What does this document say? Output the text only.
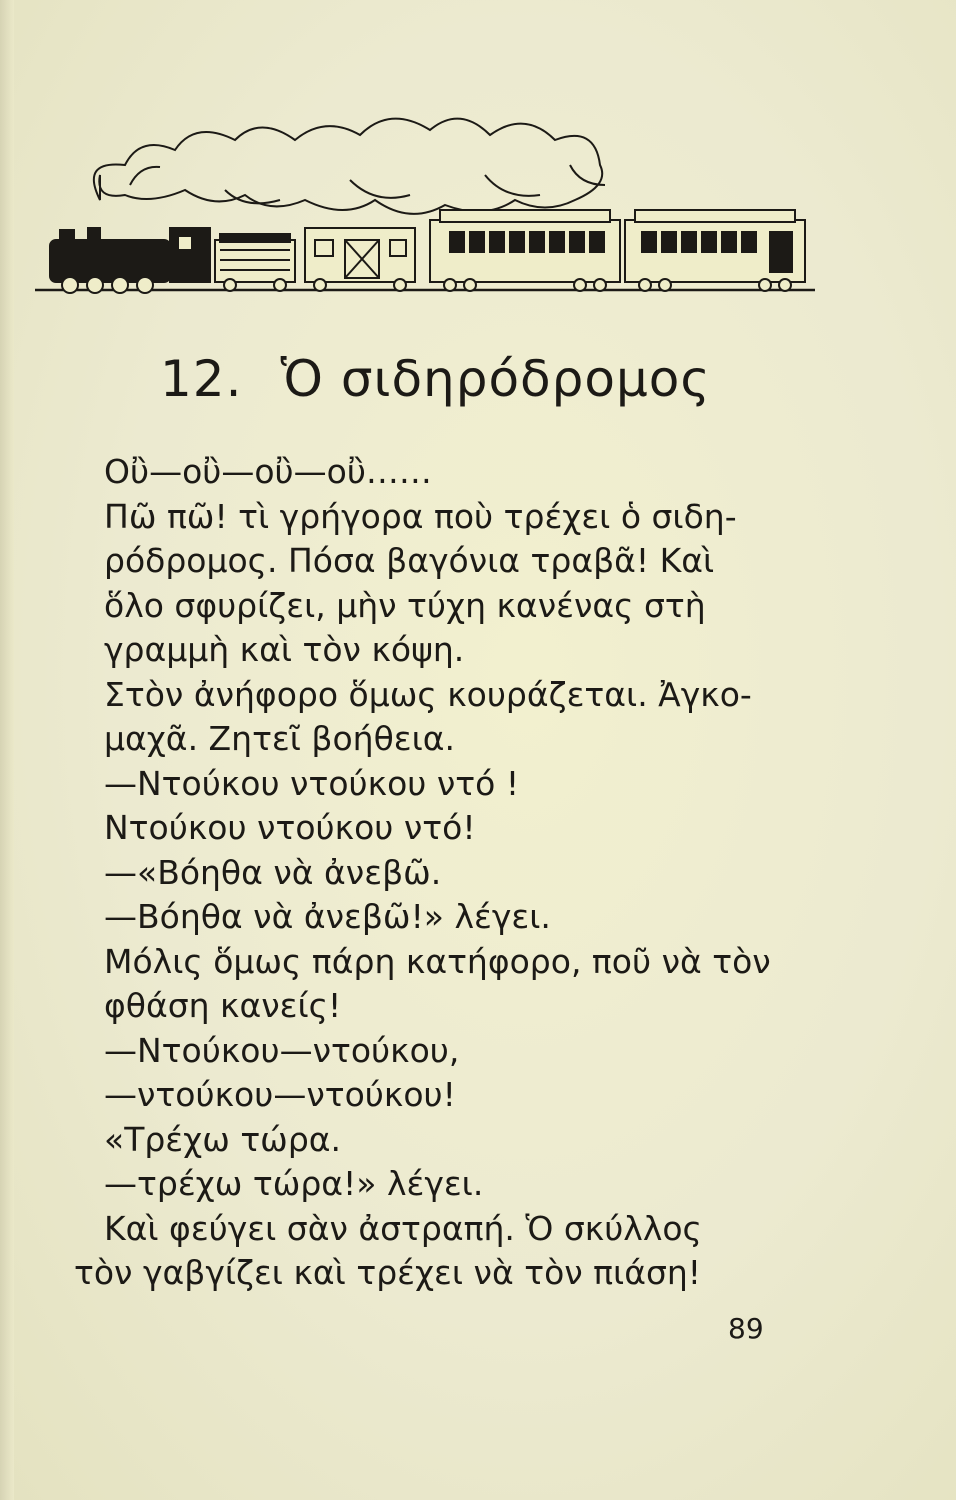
12. Ὁ σιδηρόδρομος
Οὒ—οὒ—οὒ—οὒ……
Πῶ πῶ! τὶ γρήγορα ποὺ τρέχει ὁ σιδη-
ρόδρομος. Πόσα βαγόνια τραβᾶ! Καὶ
ὅλο σφυρίζει, μὴν τύχη κανένας στὴ
γραμμὴ καὶ τὸν κόψη.
Στὸν ἀνήφορο ὅμως κουράζεται. Ἀγκο-
μαχᾶ. Ζητεῖ βοήθεια.
—Ντούκου ντούκου ντό !
Ντούκου ντούκου ντό!
—«Βόηθα νὰ ἀνεβῶ.
—Βόηθα νὰ ἀνεβῶ!» λέγει.
Μόλις ὅμως πάρη κατήφορο, ποῦ νὰ τὸν
φθάση κανείς!
—Ντούκου—ντούκου,
—ντούκου—ντούκου!
«Τρέχω τώρα.
—τρέχω τώρα!» λέγει.
Καὶ φεύγει σὰν ἀστραπή. Ὁ σκύλλος
τὸν γαβγίζει καὶ τρέχει νὰ τὸν πιάση!
89
